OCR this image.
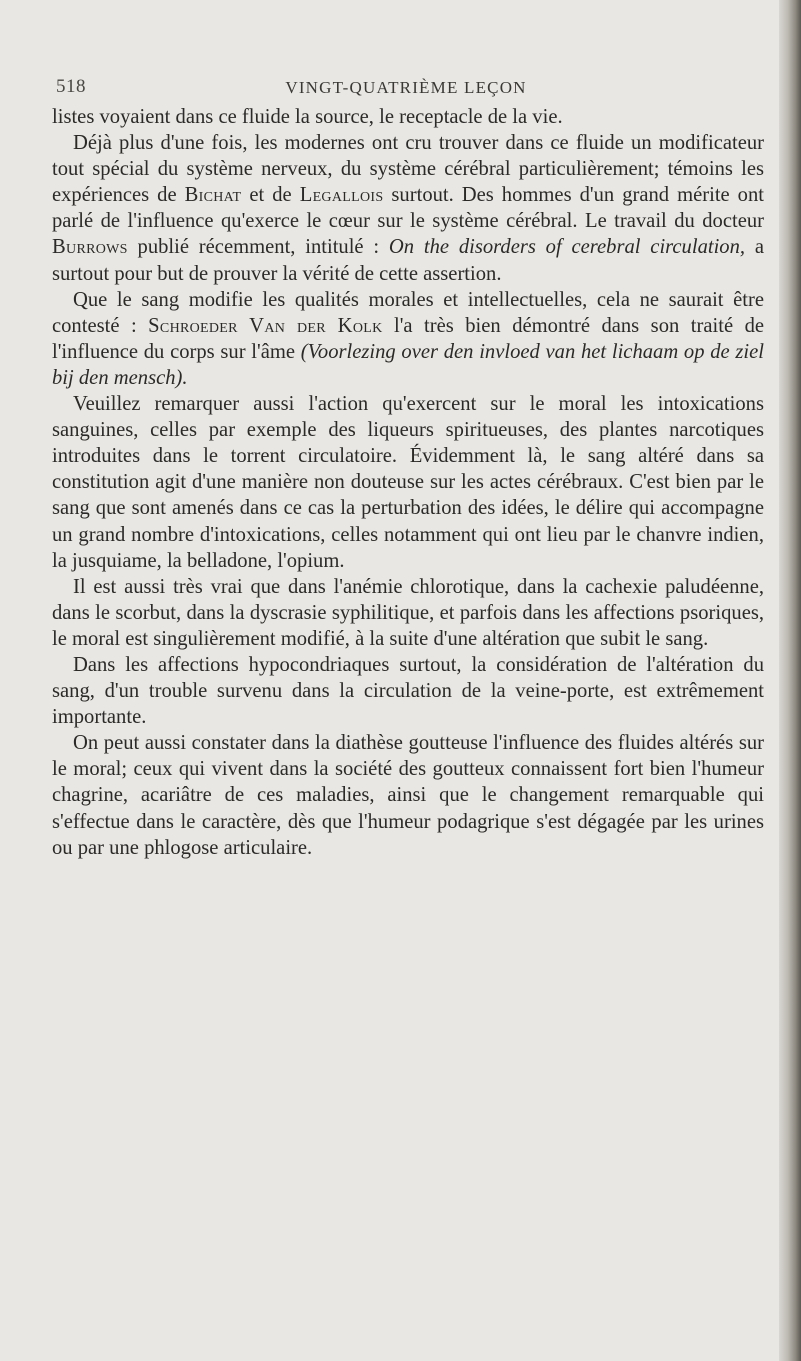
518	VINGT-QUATRIÈME LEÇON

listes voyaient dans ce fluide la source, le receptacle de la vie.

Déjà plus d'une fois, les modernes ont cru trouver dans ce fluide un modificateur tout spécial du système nerveux, du système cérébral particulièrement; témoins les expériences de Bichat et de Legallois surtout. Des hommes d'un grand mérite ont parlé de l'influence qu'exerce le cœur sur le système cérébral. Le travail du docteur Burrows publié récemment, intitulé : On the disorders of cerebral circulation, a surtout pour but de prouver la vérité de cette assertion.

Que le sang modifie les qualités morales et intellectuelles, cela ne saurait être contesté : Schroeder Van der Kolk l'a très bien démontré dans son traité de l'influence du corps sur l'âme (Voorlezing over den invloed van het lichaam op de ziel bij den mensch).

Veuillez remarquer aussi l'action qu'exercent sur le moral les intoxications sanguines, celles par exemple des liqueurs spiritueuses, des plantes narcotiques introduites dans le torrent circulatoire. Évidemment là, le sang altéré dans sa constitution agit d'une manière non douteuse sur les actes cérébraux. C'est bien par le sang que sont amenés dans ce cas la perturbation des idées, le délire qui accompagne un grand nombre d'intoxications, celles notamment qui ont lieu par le chanvre indien, la jusquiame, la belladone, l'opium.

Il est aussi très vrai que dans l'anémie chlorotique, dans la cachexie paludéenne, dans le scorbut, dans la dyscrasie syphilitique, et parfois dans les affections psoriques, le moral est singulièrement modifié, à la suite d'une altération que subit le sang.

Dans les affections hypocondriaques surtout, la considération de l'altération du sang, d'un trouble survenu dans la circulation de la veine-porte, est extrêmement importante.

On peut aussi constater dans la diathèse goutteuse l'influence des fluides altérés sur le moral; ceux qui vivent dans la société des goutteux connaissent fort bien l'humeur chagrine, acariâtre de ces maladies, ainsi que le changement remarquable qui s'effectue dans le caractère, dès que l'humeur podagrique s'est dégagée par les urines ou par une phlogose articulaire.
